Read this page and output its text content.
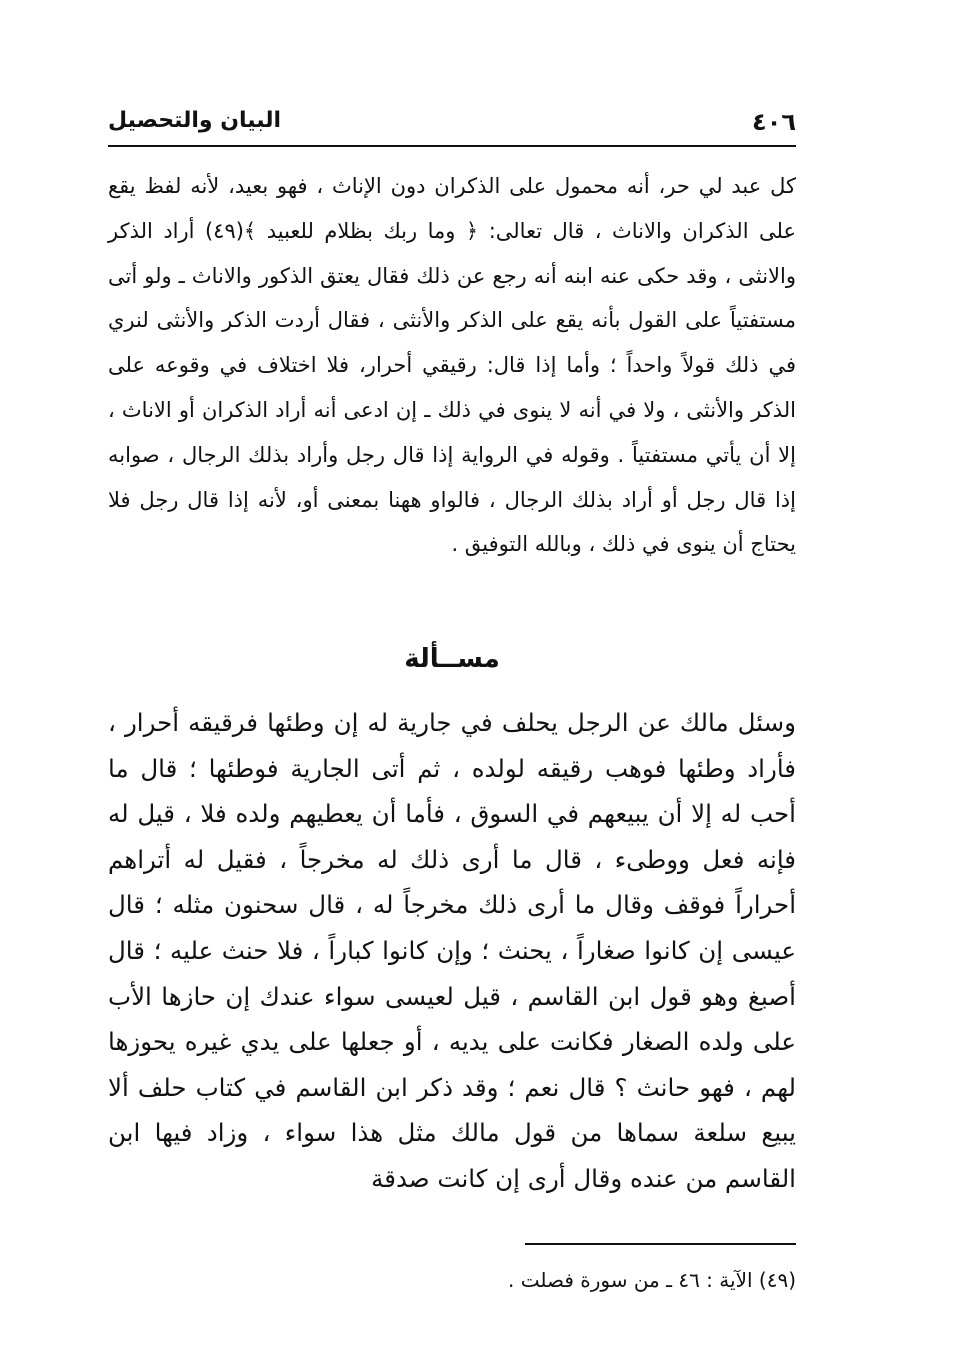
٤٠٦
البيان والتحصيل

كل عبد لي حر، أنه محمول على الذكران دون الإناث ، فهو بعيد، لأنه لفظ يقع على الذكران والاناث ، قال تعالى: ﴿ وما ربك بظلام للعبيد ﴾(٤٩) أراد الذكر والانثى ، وقد حكى عنه ابنه أنه رجع عن ذلك فقال يعتق الذكور والاناث ـ ولو أتى مستفتياً على القول بأنه يقع على الذكر والأنثى ، فقال أردت الذكر والأنثى لنري في ذلك قولاً واحداً ؛ وأما إذا قال: رقيقي أحرار، فلا اختلاف في وقوعه على الذكر والأنثى ، ولا في أنه لا ينوى في ذلك ـ إن ادعى أنه أراد الذكران أو الاناث ، إلا أن يأتي مستفتياً . وقوله في الرواية إذا قال رجل وأراد بذلك الرجال ، صوابه إذا قال رجل أو أراد بذلك الرجال ، فالواو ههنا بمعنى أو، لأنه إذا قال رجل فلا يحتاج أن ينوى في ذلك ، وبالله التوفيق .

مســألة

وسئل مالك عن الرجل يحلف في جارية له إن وطئها فرقيقه أحرار ، فأراد وطئها فوهب رقيقه لولده ، ثم أتى الجارية فوطئها ؛ قال ما أحب له إلا أن يبيعهم في السوق ، فأما أن يعطيهم ولده فلا ، قيل له فإنه فعل ووطىء ، قال ما أرى ذلك له مخرجاً ، فقيل له أتراهم أحراراً فوقف وقال ما أرى ذلك مخرجاً له ، قال سحنون مثله ؛ قال عيسى إن كانوا صغاراً ، يحنث ؛ وإن كانوا كباراً ، فلا حنث عليه ؛ قال أصبغ وهو قول ابن القاسم ، قيل لعيسى سواء عندك إن حازها الأب على ولده الصغار فكانت على يديه ، أو جعلها على يدي غيره يحوزها لهم ، فهو حانث ؟ قال نعم ؛ وقد ذكر ابن القاسم في كتاب حلف ألا يبيع سلعة سماها من قول مالك مثل هذا سواء ، وزاد فيها ابن القاسم من عنده وقال أرى إن كانت صدقة

(٤٩) الآية : ٤٦ ـ من سورة فصلت .
